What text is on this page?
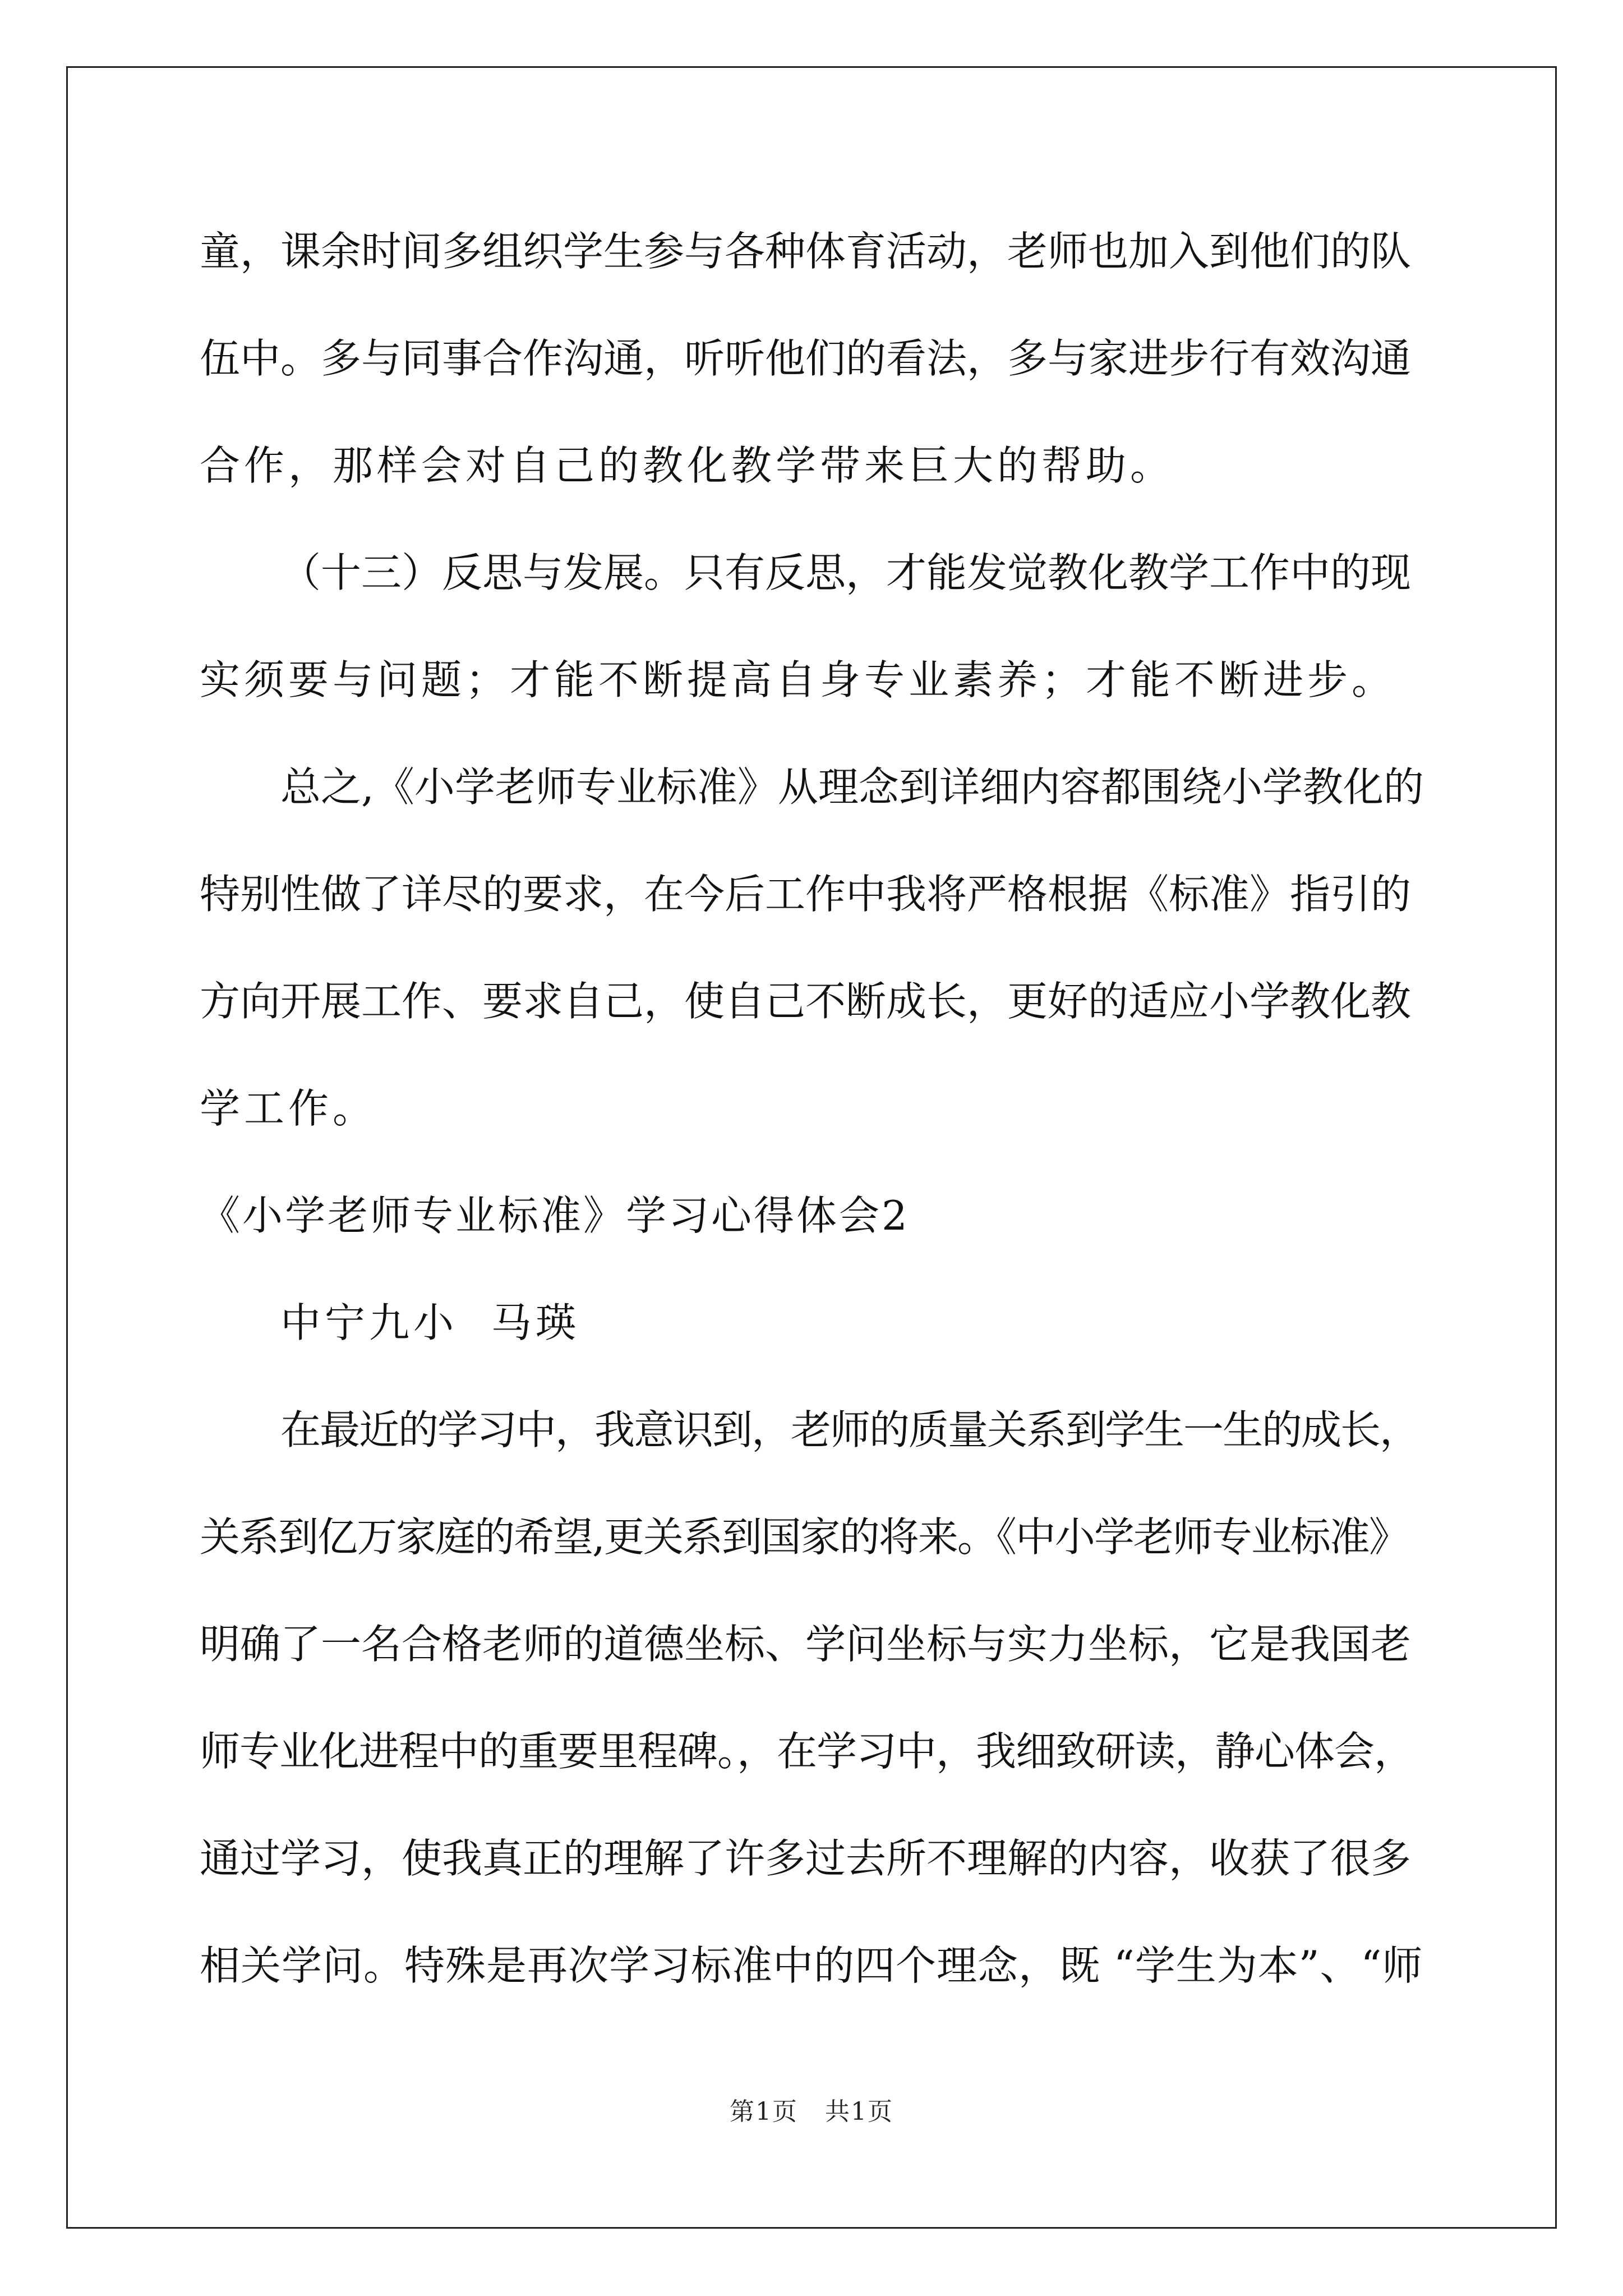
童，课余时间多组织学生参与各种体育活动，老师也加入到他们的队
伍中。多与同事合作沟通，听听他们的看法，多与家进步行有效沟通
合作，那样会对自己的教化教学带来巨大的帮助。
（十三）反思与发展。只有反思，才能发觉教化教学工作中的现
实须要与问题；才能不断提高自身专业素养；才能不断进步。
总之,《小学老师专业标准》从理念到详细内容都围绕小学教化的
特别性做了详尽的要求，在今后工作中我将严格根据《标准》指引的
方向开展工作、要求自己，使自己不断成长，更好的适应小学教化教
学工作。
《小学老师专业标准》学习心得体会2
中宁九小  马瑛
在最近的学习中，我意识到，老师的质量关系到学生一生的成长，
关系到亿万家庭的希望,更关系到国家的将来。《中小学老师专业标准》
明确了一名合格老师的道德坐标、学问坐标与实力坐标，它是我国老
师专业化进程中的重要里程碑。，在学习中，我细致研读，静心体会，
通过学习，使我真正的理解了许多过去所不理解的内容，收获了很多
相关学问。特殊是再次学习标准中的四个理念，既 “学生为本”、“师
第1页   共1页
